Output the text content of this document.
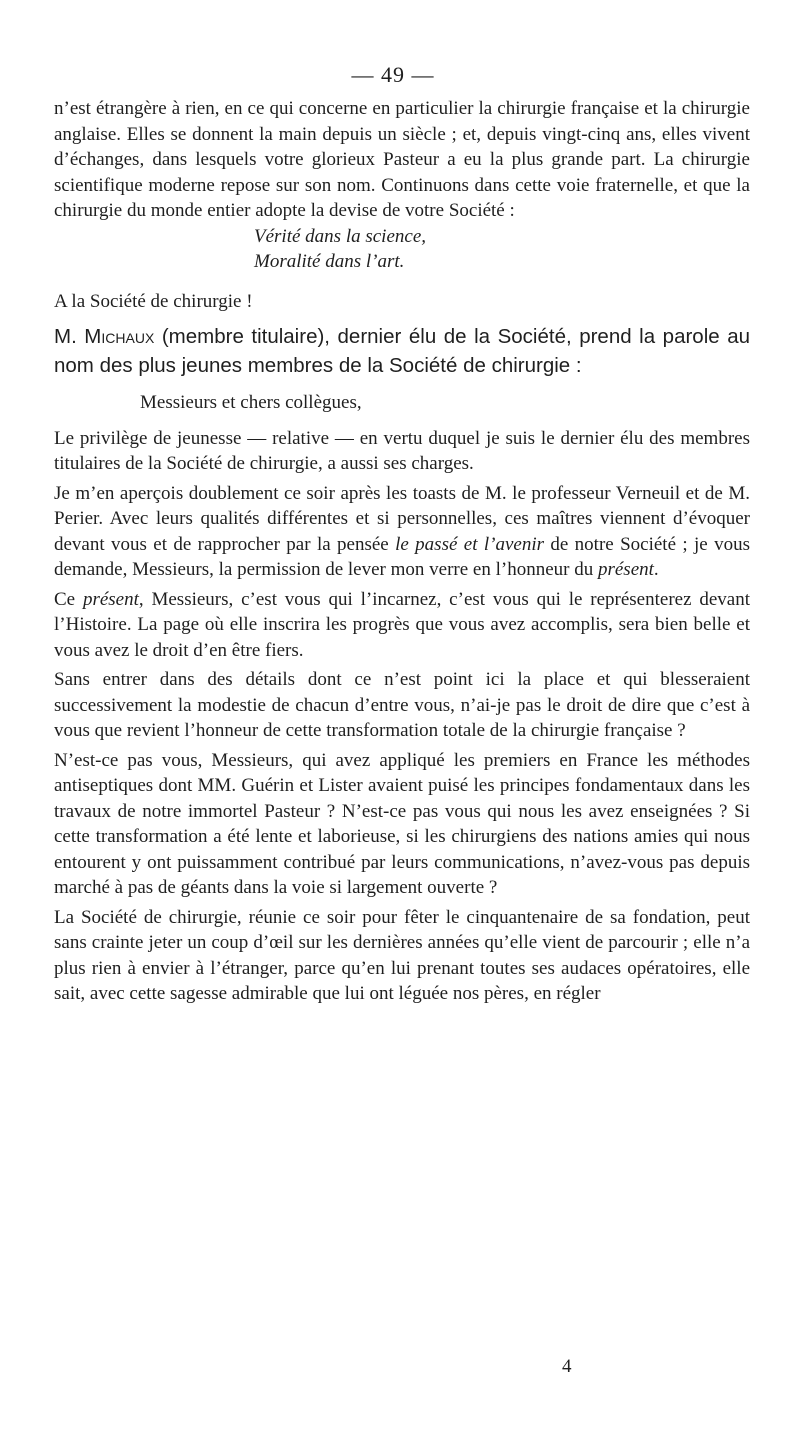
— 49 —

n’est étrangère à rien, en ce qui concerne en particulier la chirurgie française et la chirurgie anglaise. Elles se donnent la main depuis un siècle ; et, depuis vingt-cinq ans, elles vivent d’échanges, dans lesquels votre glorieux Pasteur a eu la plus grande part. La chirurgie scientifique moderne repose sur son nom. Continuons dans cette voie fraternelle, et que la chirurgie du monde entier adopte la devise de votre Société :

Vérité dans la science,
Moralité dans l’art.

A la Société de chirurgie !

M. Michaux (membre titulaire), dernier élu de la Société, prend la parole au nom des plus jeunes membres de la Société de chirurgie :

Messieurs et chers collègues,

Le privilège de jeunesse — relative — en vertu duquel je suis le dernier élu des membres titulaires de la Société de chirurgie, a aussi ses charges.

Je m’en aperçois doublement ce soir après les toasts de M. le professeur Verneuil et de M. Perier. Avec leurs qualités différentes et si personnelles, ces maîtres viennent d’évoquer devant vous et de rapprocher par la pensée le passé et l’avenir de notre Société ; je vous demande, Messieurs, la permission de lever mon verre en l’honneur du présent.

Ce présent, Messieurs, c’est vous qui l’incarnez, c’est vous qui le représenterez devant l’Histoire. La page où elle inscrira les progrès que vous avez accomplis, sera bien belle et vous avez le droit d’en être fiers.

Sans entrer dans des détails dont ce n’est point ici la place et qui blesseraient successivement la modestie de chacun d’entre vous, n’ai-je pas le droit de dire que c’est à vous que revient l’honneur de cette transformation totale de la chirurgie française ?

N’est-ce pas vous, Messieurs, qui avez appliqué les premiers en France les méthodes antiseptiques dont MM. Guérin et Lister avaient puisé les principes fondamentaux dans les travaux de notre immortel Pasteur ? N’est-ce pas vous qui nous les avez enseignées ? Si cette transformation a été lente et laborieuse, si les chirurgiens des nations amies qui nous entourent y ont puissamment contribué par leurs communications, n’avez-vous pas depuis marché à pas de géants dans la voie si largement ouverte ?

La Société de chirurgie, réunie ce soir pour fêter le cinquantenaire de sa fondation, peut sans crainte jeter un coup d’œil sur les dernières années qu’elle vient de parcourir ; elle n’a plus rien à envier à l’étranger, parce qu’en lui prenant toutes ses audaces opératoires, elle sait, avec cette sagesse admirable que lui ont léguée nos pères, en régler

4
